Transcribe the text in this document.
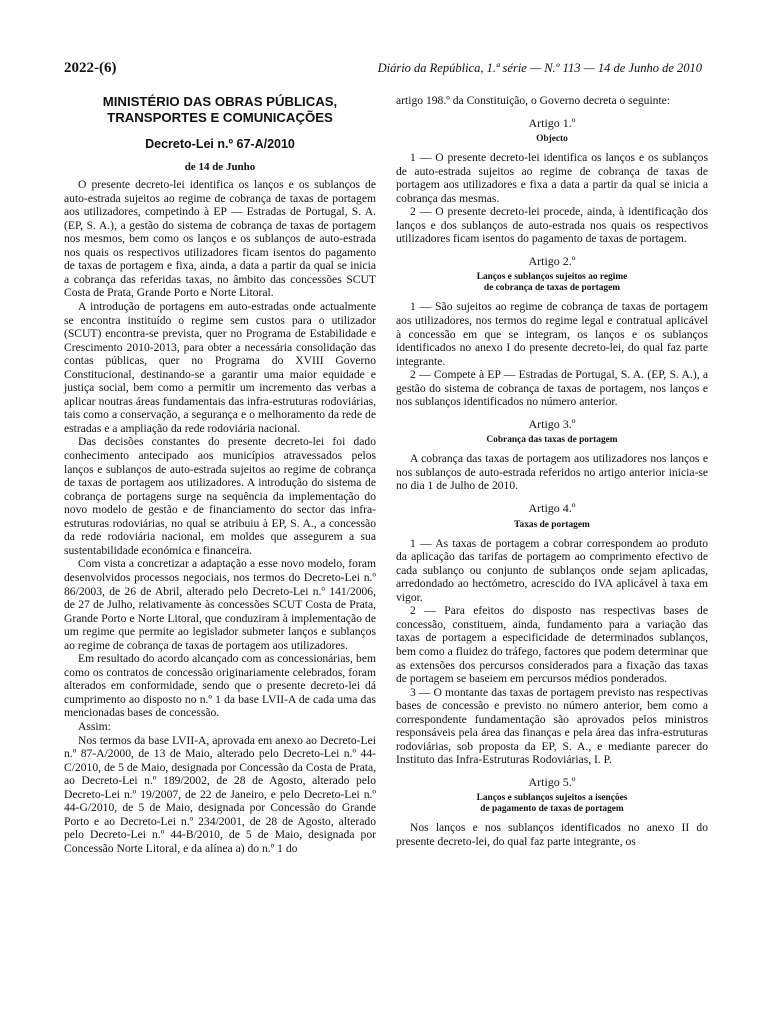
2022-(6)	Diário da República, 1.ª série — N.º 113 — 14 de Junho de 2010
MINISTÉRIO DAS OBRAS PÚBLICAS,
TRANSPORTES E COMUNICAÇÕES
Decreto-Lei n.º 67-A/2010
de 14 de Junho

O presente decreto-lei identifica os lanços e os sublanços de auto-estrada sujeitos ao regime de cobrança de taxas de portagem aos utilizadores, competindo à EP — Estradas de Portugal, S. A. (EP, S. A.), a gestão do sistema de cobrança de taxas de portagem nos mesmos, bem como os lanços e os sublanços de auto-estrada nos quais os respectivos utilizadores ficam isentos do pagamento de taxas de portagem e fixa, ainda, a data a partir da qual se inicia a cobrança das referidas taxas, no âmbito das concessões SCUT Costa de Prata, Grande Porto e Norte Litoral.

A introdução de portagens em auto-estradas onde actualmente se encontra instituído o regime sem custos para o utilizador (SCUT) encontra-se prevista, quer no Programa de Estabilidade e Crescimento 2010-2013, para obter a necessária consolidação das contas públicas, quer no Programa do XVIII Governo Constitucional, destinando-se a garantir uma maior equidade e justiça social, bem como a permitir um incremento das verbas a aplicar noutras áreas fundamentais das infra-estruturas rodoviárias, tais como a conservação, a segurança e o melhoramento da rede de estradas e a ampliação da rede rodoviária nacional.

Das decisões constantes do presente decreto-lei foi dado conhecimento antecipado aos municípios atravessados pelos lanços e sublanços de auto-estrada sujeitos ao regime de cobrança de taxas de portagem aos utilizadores. A introdução do sistema de cobrança de portagens surge na sequência da implementação do novo modelo de gestão e de financiamento do sector das infra-estruturas rodoviárias, no qual se atribuiu à EP, S. A., a concessão da rede rodoviária nacional, em moldes que assegurem a sua sustentabilidade económica e financeira.

Com vista a concretizar a adaptação a esse novo modelo, foram desenvolvidos processos negociais, nos termos do Decreto-Lei n.º 86/2003, de 26 de Abril, alterado pelo Decreto-Lei n.º 141/2006, de 27 de Julho, relativamente às concessões SCUT Costa de Prata, Grande Porto e Norte Litoral, que conduziram à implementação de um regime que permite ao legislador submeter lanços e sublanços ao regime de cobrança de taxas de portagem aos utilizadores.

Em resultado do acordo alcançado com as concessionárias, bem como os contratos de concessão originariamente celebrados, foram alterados em conformidade, sendo que o presente decreto-lei dá cumprimento ao disposto no n.º 1 da base LVII-A de cada uma das mencionadas bases de concessão.

Assim:

Nos termos da base LVII-A, aprovada em anexo ao Decreto-Lei n.º 87-A/2000, de 13 de Maio, alterado pelo Decreto-Lei n.º 44-C/2010, de 5 de Maio, designada por Concessão da Costa de Prata, ao Decreto-Lei n.º 189/2002, de 28 de Agosto, alterado pelo Decreto-Lei n.º 19/2007, de 22 de Janeiro, e pelo Decreto-Lei n.º 44-G/2010, de 5 de Maio, designada por Concessão do Grande Porto e ao Decreto-Lei n.º 234/2001, de 28 de Agosto, alterado pelo Decreto-Lei n.º 44-B/2010, de 5 de Maio, designada por Concessão Norte Litoral, e da alínea a) do n.º 1 do

artigo 198.º da Constituição, o Governo decreta o seguinte:

Artigo 1.º
Objecto

1 — O presente decreto-lei identifica os lanços e os sublanços de auto-estrada sujeitos ao regime de cobrança de taxas de portagem aos utilizadores e fixa a data a partir da qual se inicia a cobrança das mesmas.

2 — O presente decreto-lei procede, ainda, à identificação dos lanços e dos sublanços de auto-estrada nos quais os respectivos utilizadores ficam isentos do pagamento de taxas de portagem.

Artigo 2.º
Lanços e sublanços sujeitos ao regime
de cobrança de taxas de portagem

1 — São sujeitos ao regime de cobrança de taxas de portagem aos utilizadores, nos termos do regime legal e contratual aplicável à concessão em que se integram, os lanços e os sublanços identificados no anexo I do presente decreto-lei, do qual faz parte integrante.

2 — Compete à EP — Estradas de Portugal, S. A. (EP, S. A.), a gestão do sistema de cobrança de taxas de portagem, nos lanços e nos sublanços identificados no número anterior.

Artigo 3.º
Cobrança das taxas de portagem

A cobrança das taxas de portagem aos utilizadores nos lanços e nos sublanços de auto-estrada referidos no artigo anterior inicia-se no dia 1 de Julho de 2010.

Artigo 4.º
Taxas de portagem

1 — As taxas de portagem a cobrar correspondem ao produto da aplicação das tarifas de portagem ao comprimento efectivo de cada sublanço ou conjunto de sublanços onde sejam aplicadas, arredondado ao hectómetro, acrescido do IVA aplicável à taxa em vigor.

2 — Para efeitos do disposto nas respectivas bases de concessão, constituem, ainda, fundamento para a variação das taxas de portagem a especificidade de determinados sublanços, bem como a fluidez do tráfego, factores que podem determinar que as extensões dos percursos considerados para a fixação das taxas de portagem se baseiem em percursos médios ponderados.

3 — O montante das taxas de portagem previsto nas respectivas bases de concessão e previsto no número anterior, bem como a correspondente fundamentação são aprovados pelos ministros responsáveis pela área das finanças e pela área das infra-estruturas rodoviárias, sob proposta da EP, S. A., e mediante parecer do Instituto das Infra-Estruturas Rodoviárias, I. P.

Artigo 5.º
Lanços e sublanços sujeitos a isenções
de pagamento de taxas de portagem

Nos lanços e nos sublanços identificados no anexo II do presente decreto-lei, do qual faz parte integrante, os
